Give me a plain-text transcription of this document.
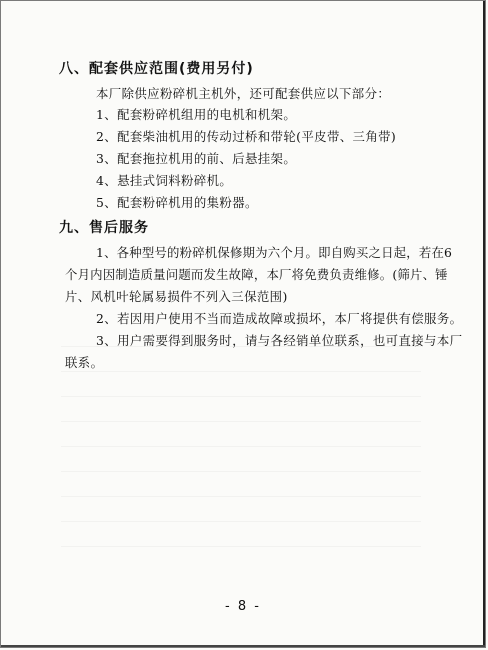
八、配套供应范围(费用另付)
本厂除供应粉碎机主机外，还可配套供应以下部分：
1、配套粉碎机组用的电机和机架。
2、配套柴油机用的传动过桥和带轮(平皮带、三角带)
3、配套拖拉机用的前、后悬挂架。
4、悬挂式饲料粉碎机。
5、配套粉碎机用的集粉器。
九、售后服务
1、各种型号的粉碎机保修期为六个月。即自购买之日起，若在6
个月内因制造质量问题而发生故障，本厂将免费负责维修。(筛片、锤
片、风机叶轮属易损件不列入三保范围)
2、若因用户使用不当而造成故障或损坏，本厂将提供有偿服务。
3、用户需要得到服务时，请与各经销单位联系，也可直接与本厂
联系。
- 8 -
